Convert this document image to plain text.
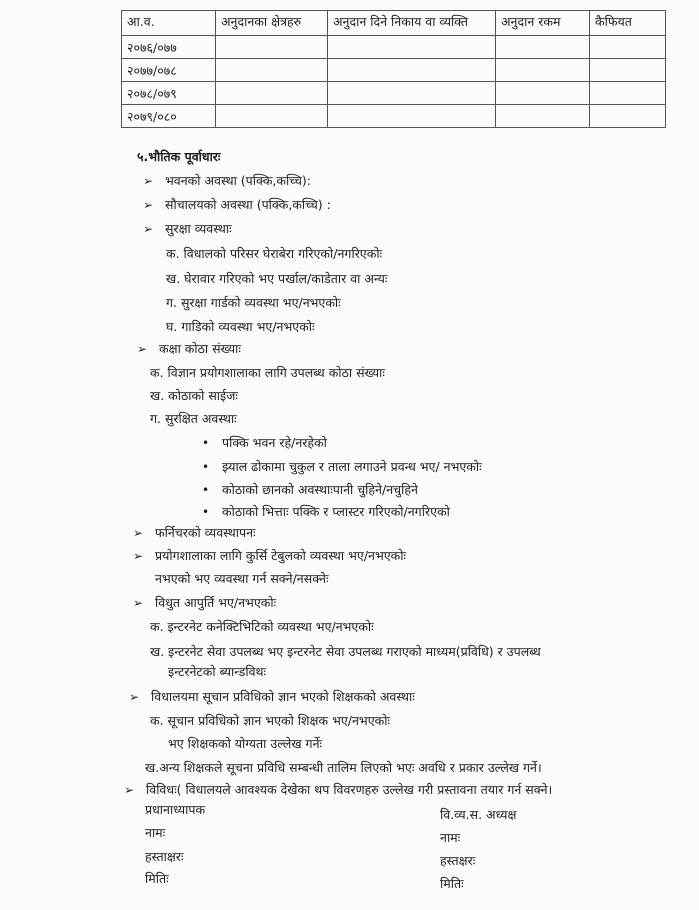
आ.व.	अनुदानका क्षेत्रहरु	अनुदान दिने निकाय वा व्यक्ति	अनुदान रकम	कैफियत
२०७६/०७७				
२०७७/०७८				
२०७८/०७९				
२०७९/०८०				
५.भौतिक पूर्वाधारः
➢ भवनको अवस्था (पक्कि,कच्चि):
➢ सौचालयको अवस्था (पक्कि,कच्चि) :
➢ सुरक्षा व्यवस्थाः
क. विधालको परिसर घेराबेरा गरिएको/नगरिएकोः
ख. घेरावार गरिएको भए पर्खाल/काडेतार वा अन्यः
ग. सुरक्षा गार्डको व्यवस्था भए/नभएकोः
घ. गाडिको व्यवस्था भए/नभएकोः
➢ कक्षा कोठा संख्याः
क. विज्ञान प्रयोगशालाका लागि उपलब्ध कोठा संख्याः
ख. कोठाको साईजः
ग. सुरक्षित अवस्थाः
• पक्कि भवन रहे/नरहेको
• झ्याल ढोकामा चुकुल र ताला लगाउने प्रवन्ध भए/ नभएकोः
• कोठाको छानको अवस्थाःपानी चुहिने/नचुहिने
• कोठाको भित्ताः पक्कि र प्लास्टर गरिएको/नगरिएको
➢ फर्निचरको व्यवस्थापनः
➢ प्रयोगशालाका लागि कुर्सि टेबुलको व्यवस्था भए/नभएकोः
नभएको भए व्यवस्था गर्न सक्ने/नसक्नेः
➢ विधुत आपुर्ति भए/नभएकोः
क. इन्टरनेट कनेक्टिभिटिको व्यवस्था भए/नभएकोः
ख. इन्टरनेट सेवा उपलब्ध भए इन्टरनेट सेवा उपलब्ध गराएको माध्यम(प्रविधि) र उपलब्ध
इन्टरनेटको ब्यान्डविथः
➢ विधालयमा सूचान प्रविधिको ज्ञान भएको शिक्षकको अवस्थाः
क. सूचान प्रविधिको ज्ञान भएको शिक्षक भए/नभएकोः
भए शिक्षकको योग्यता उल्लेख गर्नेः
ख.अन्य शिक्षकले सूचना प्रविधि सम्बन्धी तालिम लिएको भएः अवधि र प्रकार उल्लेख गर्ने।
➢ विविधः( विधालयले आवश्यक देखेका थप विवरणहरु उल्लेख गरी प्रस्तावना तयार गर्न सक्ने।
प्रधानाध्यापक
नामः
हस्ताक्षरः
मितिः
वि.व्य.स. अध्यक्ष
नामः
हस्तक्षरः
मितिः
